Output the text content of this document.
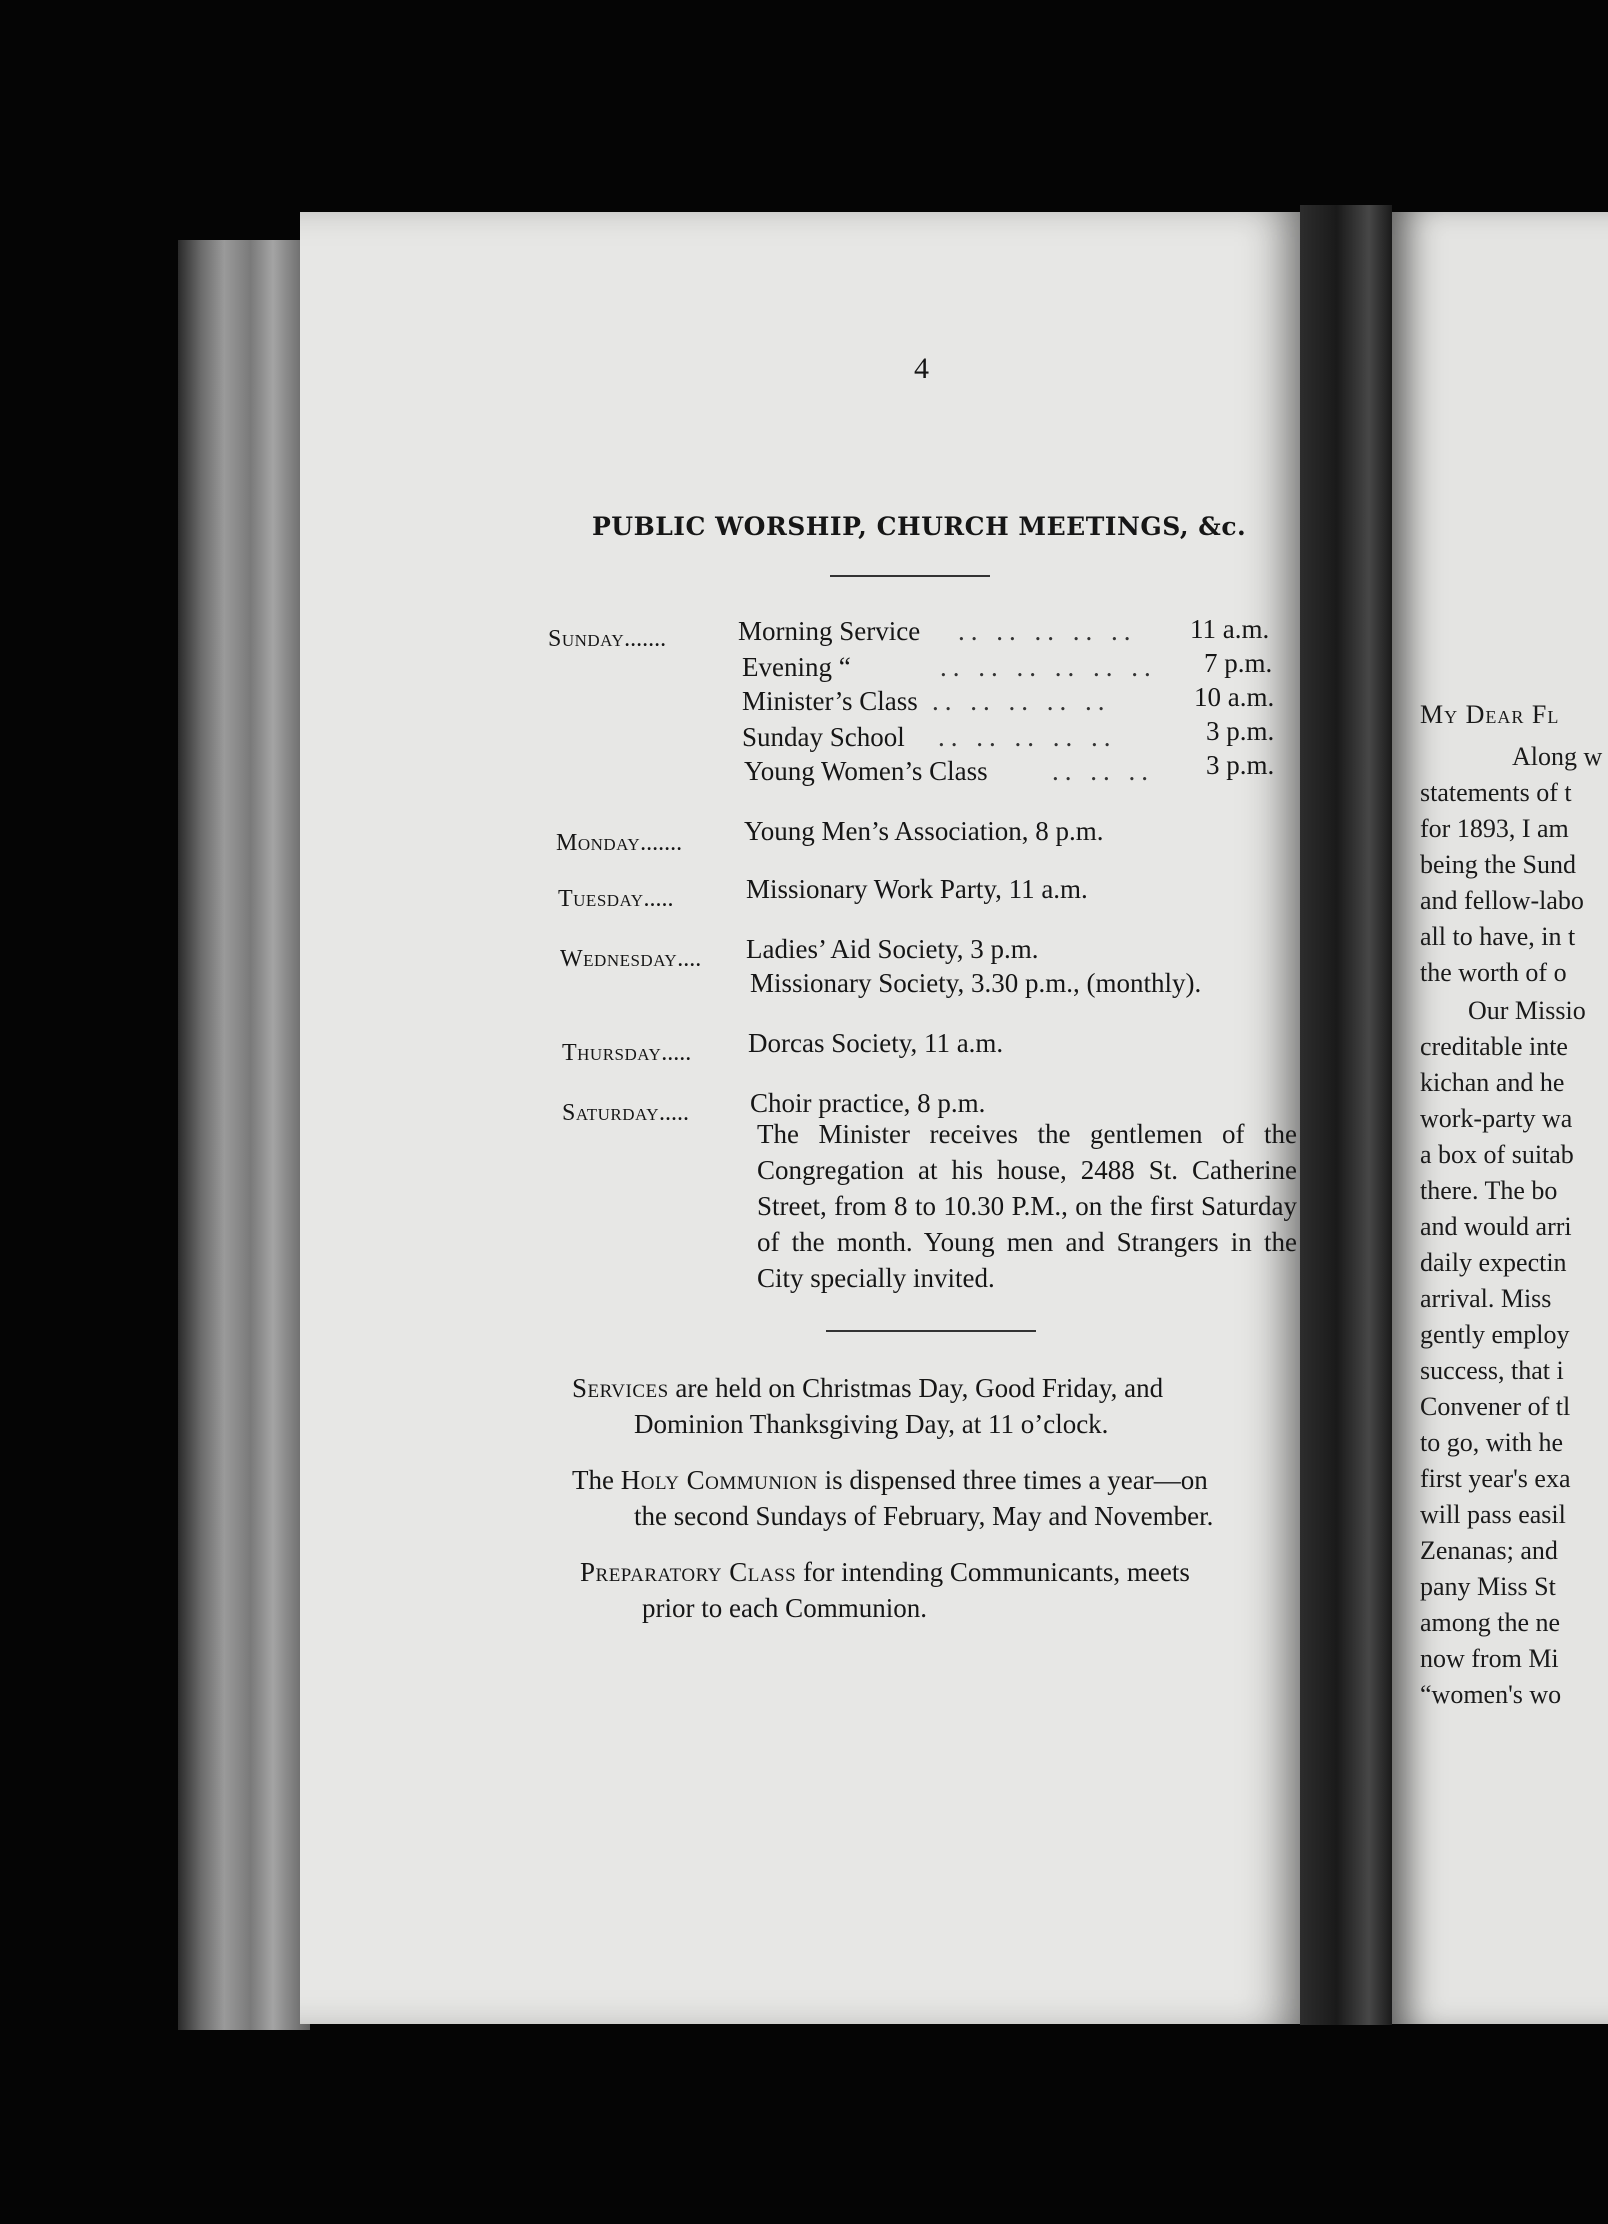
4
PUBLIC WORSHIP, CHURCH MEETINGS, &c.
Sunday.......	Morning Service .. .. .. .. .. 11 a.m.
Evening “	.. .. .. .. .. .. 7 p.m.
Minister’s Class .. .. .. .. ..	10 a.m.
Sunday School .. .. .. .. ..	3 p.m.
Young Women’s Class .. .. .. 3 p.m.
Monday....... Young Men’s Association, 8 p.m.
Tuesday.....	Missionary Work Party, 11 a.m.
Wednesday.... Ladies’ Aid Society, 3 p.m.
Missionary Society, 3.30 p.m., (monthly).
Thursday..... Dorcas Society, 11 a.m.
Saturday..... Choir practice, 8 p.m.
The Minister receives the gentlemen of the Congregation at his house, 2488 St. Catherine Street, from 8 to 10.30 P.M., on the first Saturday of the month. Young men and Strangers in the City specially invited.
Services are held on Christmas Day, Good Friday, and
Dominion Thanksgiving Day, at 11 o’clock.
The Holy Communion is dispensed three times a year—on
the second Sundays of February, May and November.
Preparatory Class for intending Communicants, meets
prior to each Communion.
My Dear Fl
Along w
statements of t
for 1893, I am
being the Sund
and fellow-labo
all to have, in t
the worth of o
Our Missio
creditable inte
kichan and he
work-party wa
a box of suitab
there. The bo
and would arri
daily expectin
arrival. Miss
gently employ
success, that i
Convener of tl
to go, with he
first year's exa
will pass easil
Zenanas; and
pany Miss St
among the ne
now from Mi
“women's wo
